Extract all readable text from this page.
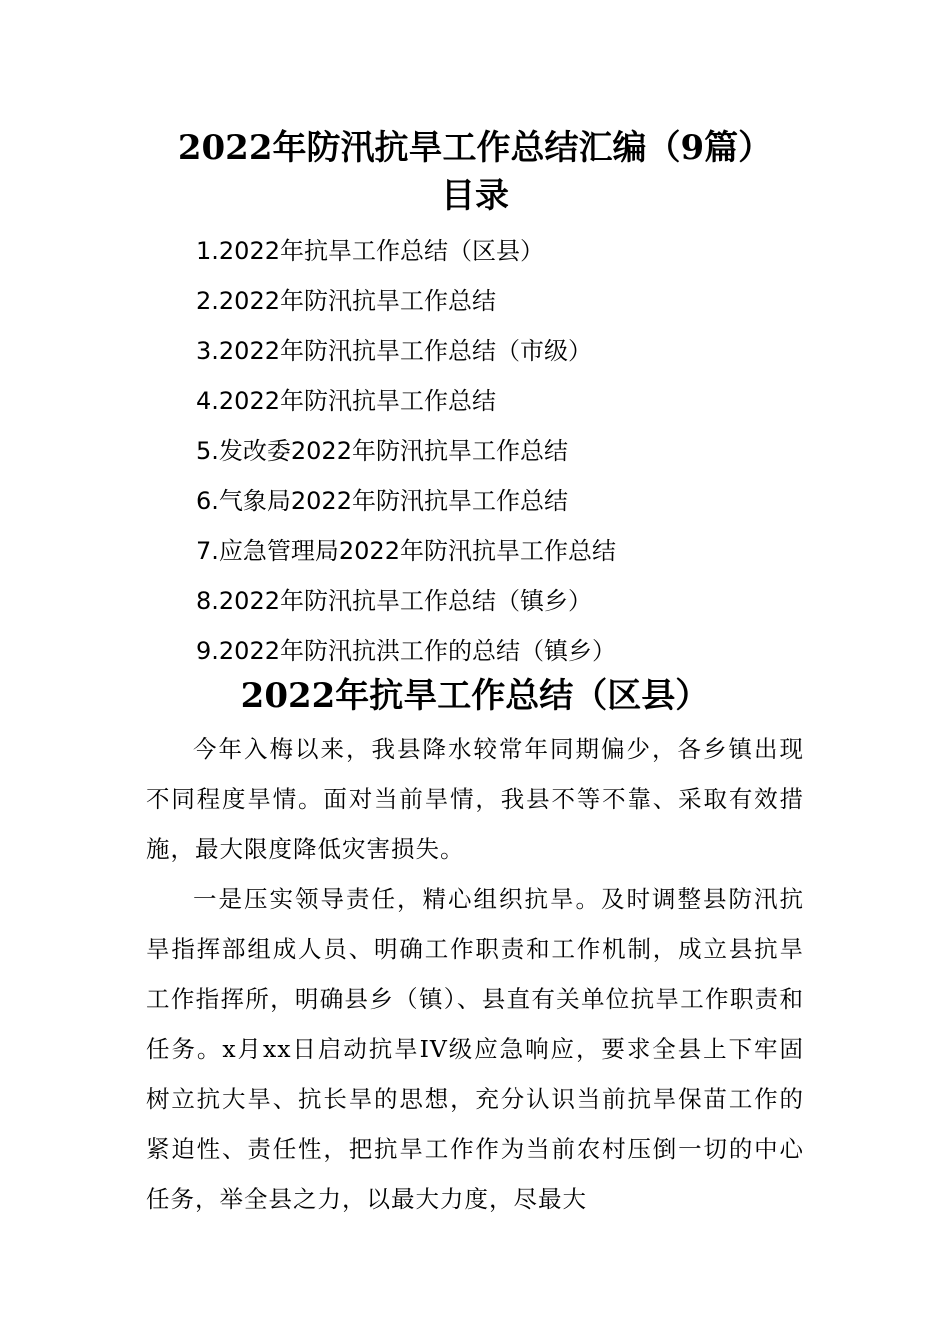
2022年防汛抗旱工作总结汇编（9篇）
目录
1.2022年抗旱工作总结（区县）
2.2022年防汛抗旱工作总结
3.2022年防汛抗旱工作总结（市级）
4.2022年防汛抗旱工作总结
5.发改委2022年防汛抗旱工作总结
6.气象局2022年防汛抗旱工作总结
7.应急管理局2022年防汛抗旱工作总结
8.2022年防汛抗旱工作总结（镇乡）
9.2022年防汛抗洪工作的总结（镇乡）
2022年抗旱工作总结（区县）

今年入梅以来，我县降水较常年同期偏少，各乡镇出现不同程度旱情。面对当前旱情，我县不等不靠、采取有效措施，最大限度降低灾害损失。

一是压实领导责任，精心组织抗旱。及时调整县防汛抗旱指挥部组成人员、明确工作职责和工作机制，成立县抗旱工作指挥所，明确县乡（镇）、县直有关单位抗旱工作职责和任务。x月xx日启动抗旱IV级应急响应，要求全县上下牢固树立抗大旱、抗长旱的思想，充分认识当前抗旱保苗工作的紧迫性、责任性，把抗旱工作作为当前农村压倒一切的中心任务，举全县之力，以最大力度，尽最大
